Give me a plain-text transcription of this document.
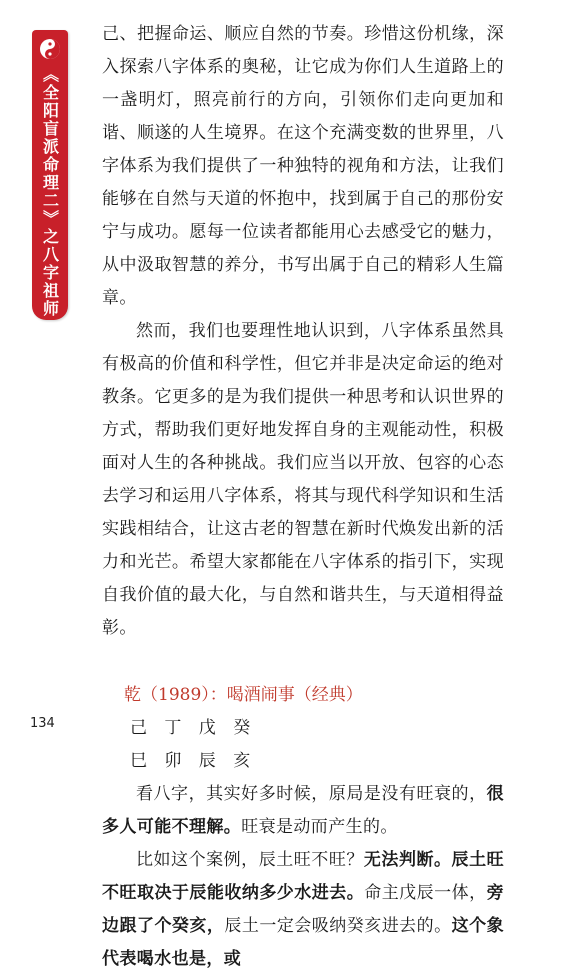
《全阳盲派命理二》之八字祖师

己、把握命运、顺应自然的节奏。珍惜这份机缘，深入探索八字体系的奥秘，让它成为你们人生道路上的一盏明灯，照亮前行的方向，引领你们走向更加和谐、顺遂的人生境界。在这个充满变数的世界里，八字体系为我们提供了一种独特的视角和方法，让我们能够在自然与天道的怀抱中，找到属于自己的那份安宁与成功。愿每一位读者都能用心去感受它的魅力，从中汲取智慧的养分，书写出属于自己的精彩人生篇章。

然而，我们也要理性地认识到，八字体系虽然具有极高的价值和科学性，但它并非是决定命运的绝对教条。它更多的是为我们提供一种思考和认识世界的方式，帮助我们更好地发挥自身的主观能动性，积极面对人生的各种挑战。我们应当以开放、包容的心态去学习和运用八字体系，将其与现代科学知识和生活实践相结合，让这古老的智慧在新时代焕发出新的活力和光芒。希望大家都能在八字体系的指引下，实现自我价值的最大化，与自然和谐共生，与天道相得益彰。

乾（1989）：喝酒闹事（经典）

己 丁 戊 癸

巳 卯 辰 亥

看八字，其实好多时候，原局是没有旺衰的，很多人可能不理解。旺衰是动而产生的。

比如这个案例，辰土旺不旺？无法判断。辰土旺不旺取决于辰能收纳多少水进去。命主戊辰一体，旁边跟了个癸亥，辰土一定会吸纳癸亥进去的。这个象代表喝水也是，或

134
